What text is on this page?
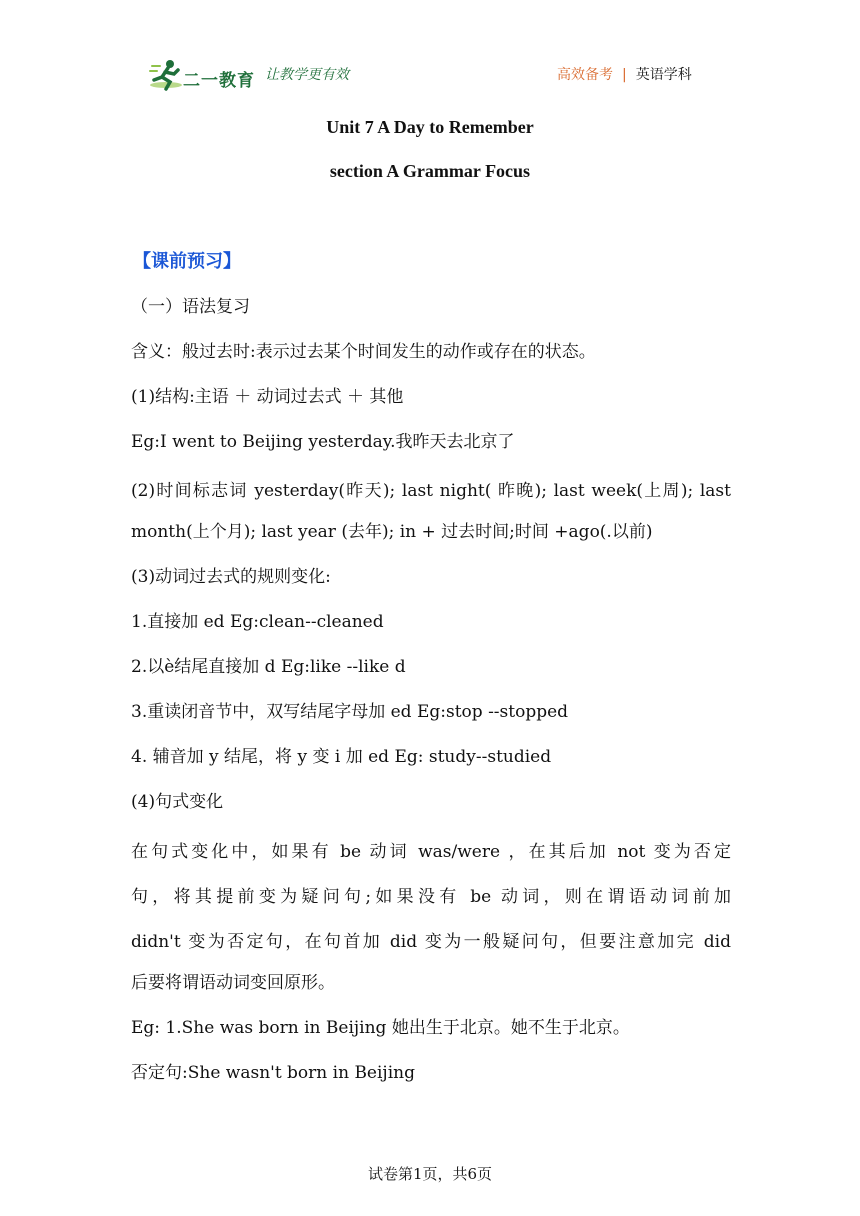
二一教育 让教学更有效	高效备考 | 英语学科
Unit 7 A Day to Remember
section A Grammar Focus
【课前预习】
（一）语法复习
含义：般过去时:表示过去某个时间发生的动作或存在的状态。
(1)结构:主语 ＋ 动词过去式 ＋ 其他
Eg:I went to Beijing yesterday.我昨天去北京了
(2)时间标志词 yesterday(昨天); last night( 昨晚); last week(上周); last
month(上个月); last year (去年); in + 过去时间;时间 +ago(.以前)
(3)动词过去式的规则变化:
1.直接加 ed Eg:clean--cleaned
2.以è结尾直接加 d Eg:like --like d
3.重读闭音节中，双写结尾字母加 ed Eg:stop --stopped
4. 辅音加 y 结尾，将 y 变 i 加 ed Eg: study--studied
(4)句式变化
在句式变化中，如果有 be 动词 was/were ，在其后加 not 变为否定
句，将其提前变为疑问句;如果没有 be 动词，则在谓语动词前加
didn't 变为否定句，在句首加 did 变为一般疑问句，但要注意加完 did
后要将谓语动词变回原形。
Eg: 1.She was born in Beijing 她出生于北京。她不生于北京。
否定句:She wasn't born in Beijing
试卷第1页，共6页
